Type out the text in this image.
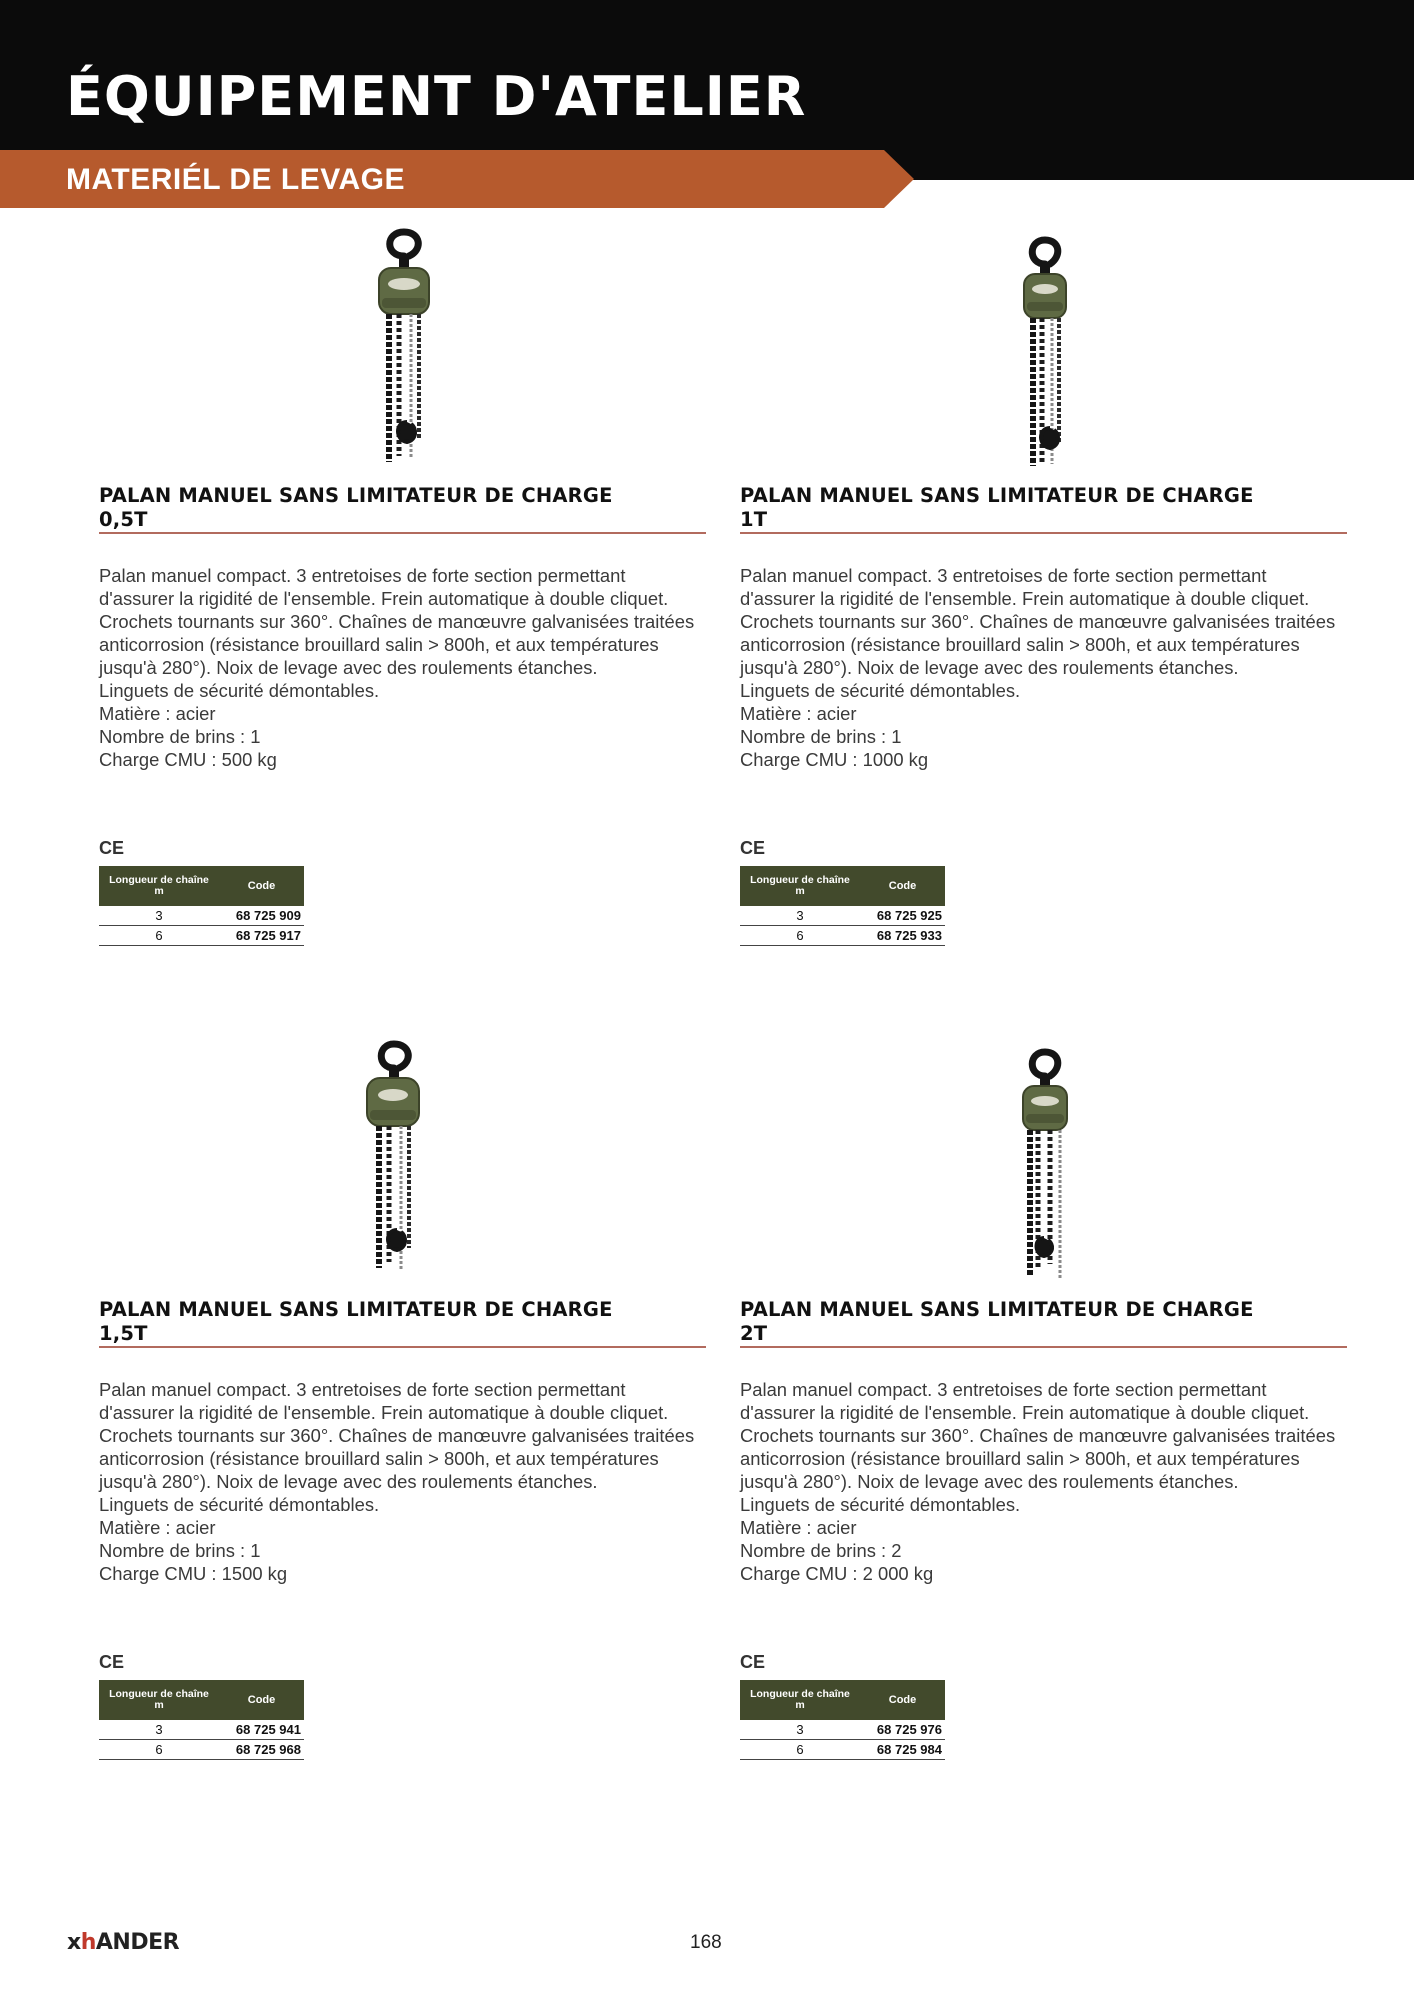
ÉQUIPEMENT D'ATELIER
MATERIÉL DE LEVAGE
PALAN MANUEL SANS LIMITATEUR DE CHARGE
0,5T

Palan manuel compact. 3 entretoises de forte section permettant

d'assurer la rigidité de l'ensemble. Frein automatique à double cliquet.

Crochets tournants sur 360°. Chaînes de manœuvre galvanisées traitées

anticorrosion (résistance brouillard salin > 800h, et aux températures

jusqu'à 280°). Noix de levage avec des roulements étanches.

Linguets de sécurité démontables.

Matière : acier
Nombre de brins : 1
Charge CMU : 500 kg
CE
Longueur de chaîne
m	Code
3	68 725 909
6	68 725 917
PALAN MANUEL SANS LIMITATEUR DE CHARGE
1T

Palan manuel compact. 3 entretoises de forte section permettant

d'assurer la rigidité de l'ensemble. Frein automatique à double cliquet.

Crochets tournants sur 360°. Chaînes de manœuvre galvanisées traitées

anticorrosion (résistance brouillard salin > 800h, et aux températures

jusqu'à 280°). Noix de levage avec des roulements étanches.

Linguets de sécurité démontables.

Matière : acier
Nombre de brins : 1
Charge CMU : 1000 kg
CE
Longueur de chaîne
m	Code
3	68 725 925
6	68 725 933
PALAN MANUEL SANS LIMITATEUR DE CHARGE
1,5T

Palan manuel compact. 3 entretoises de forte section permettant

d'assurer la rigidité de l'ensemble. Frein automatique à double cliquet.

Crochets tournants sur 360°. Chaînes de manœuvre galvanisées traitées

anticorrosion (résistance brouillard salin > 800h, et aux températures

jusqu'à 280°). Noix de levage avec des roulements étanches.

Linguets de sécurité démontables.

Matière : acier
Nombre de brins : 1
Charge CMU : 1500 kg
CE
Longueur de chaîne
m	Code
3	68 725 941
6	68 725 968
PALAN MANUEL SANS LIMITATEUR DE CHARGE
2T

Palan manuel compact. 3 entretoises de forte section permettant

d'assurer la rigidité de l'ensemble. Frein automatique à double cliquet.

Crochets tournants sur 360°. Chaînes de manœuvre galvanisées traitées

anticorrosion (résistance brouillard salin > 800h, et aux températures

jusqu'à 280°). Noix de levage avec des roulements étanches.

Linguets de sécurité démontables.

Matière : acier
Nombre de brins : 2
Charge CMU : 2 000 kg
CE
Longueur de chaîne
m	Code
3	68 725 976
6	68 725 984
xhANDER	168
